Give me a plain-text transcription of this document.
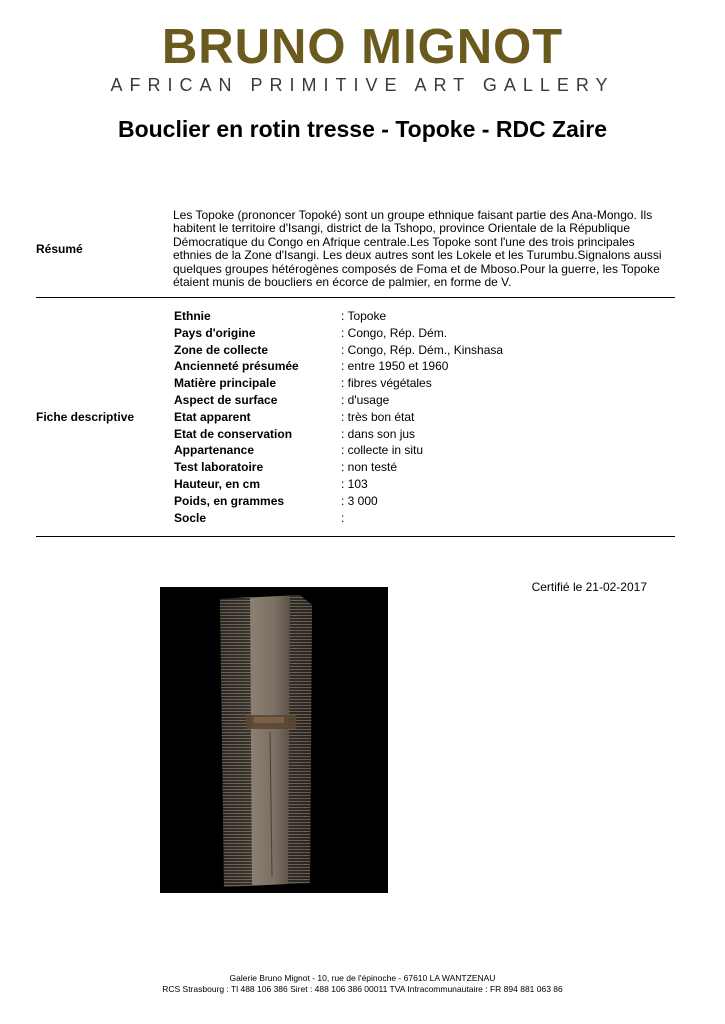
BRUNO MIGNOT
AFRICAN PRIMITIVE ART GALLERY
Bouclier en rotin tresse - Topoke - RDC Zaire
Résumé
Les Topoke (prononcer Topoké) sont un groupe ethnique faisant partie des Ana-Mongo. Ils habitent le territoire d'Isangi, district de la Tshopo, province Orientale de la République Démocratique du Congo en Afrique centrale.Les Topoke sont l'une des trois principales ethnies de la Zone d'Isangi. Les deux autres sont les Lokele et les Turumbu.Signalons aussi quelques groupes hétérogènes composés de Foma et de Mboso.Pour la guerre, les Topoke étaient munis de boucliers en écorce de palmier, en forme de V.
Fiche descriptive
Ethnie	: Topoke
Pays d'origine	: Congo, Rép. Dém.
Zone de collecte	: Congo, Rép. Dém., Kinshasa
Ancienneté présumée	: entre 1950 et 1960
Matière principale	: fibres végétales
Aspect de surface	: d'usage
Etat apparent	: très bon état
Etat de conservation	: dans son jus
Appartenance	: collecte in situ
Test laboratoire	: non testé
Hauteur, en cm	: 103
Poids, en grammes	: 3 000
Socle	:
Certifié le 21-02-2017
Galerie Bruno Mignot - 10, rue de l'épinoche - 67610 LA WANTZENAU
RCS Strasbourg : Tl 488 106 386 Siret : 488 106 386 00011 TVA Intracommunautaire : FR 894 881 063 86
